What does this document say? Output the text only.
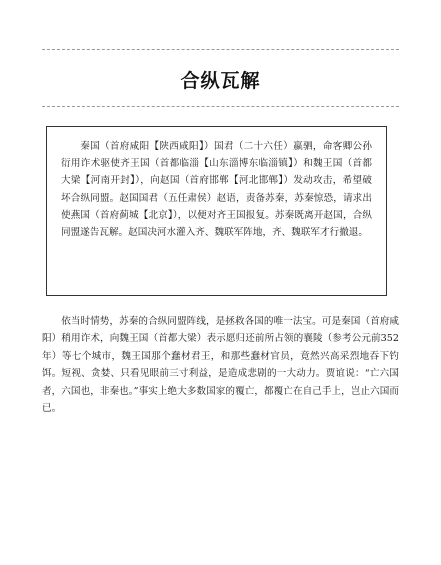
合纵瓦解
秦国（首府咸阳【陕西咸阳】）国君（二十六任）嬴驷，命客卿公孙衍用诈术驱使齐王国（首都临淄【山东淄博东临淄镇】）和魏王国（首都大梁【河南开封】），向赵国（首府邯郸【河北邯郸】）发动攻击，希望破坏合纵同盟。赵国国君（五任肃侯）赵语，责备苏秦，苏秦惊恐，请求出使燕国（首府蓟城【北京】），以便对齐王国报复。苏秦既离开赵国，合纵同盟遂告瓦解。赵国决河水灌入齐、魏联军阵地，齐、魏联军才行撤退。
依当时情势，苏秦的合纵同盟阵线，是拯救各国的唯一法宝。可是秦国（首府咸阳）稍用诈术，向魏王国（首都大梁）表示愿归还前所占领的襄陵（参考公元前352年）等七个城市，魏王国那个蠢材君王，和那些蠢材官员，竟然兴高采烈地吞下钓饵。短视、贪婪、只看见眼前三寸利益，是造成悲剧的一大动力。贾谊说：“亡六国者，六国也，非秦也。”事实上绝大多数国家的覆亡，都覆亡在自己手上，岂止六国而已。
